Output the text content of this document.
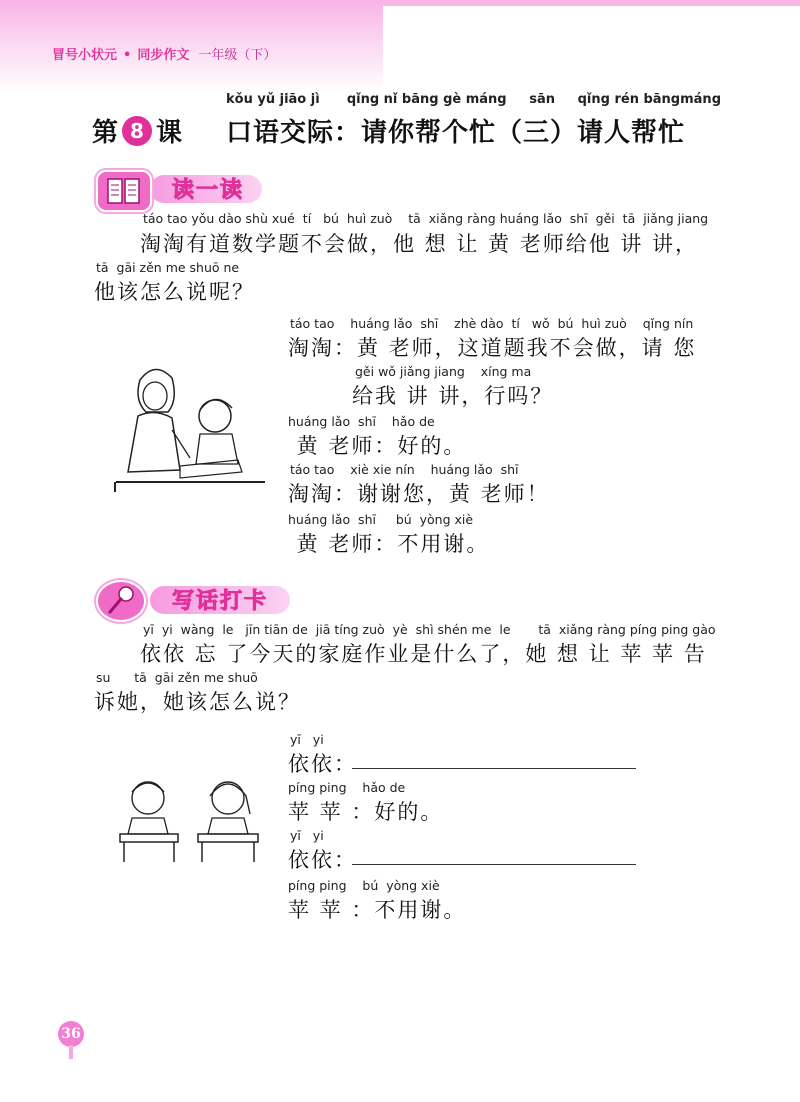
冒号小状元 • 同步作文 一年级（下）
kǒu yǔ jiāo jì      qǐng nǐ bāng gè máng     sān     qǐng rén bāngmáng
第 8 课 口语交际：请你帮个忙（三）请人帮忙
读一读
táo tao yǒu dào shù xué  tí   bú  huì zuò    tā  xiǎng ràng huáng lǎo  shī  gěi  tā  jiǎng jiang
淘淘有道数学题不会做，他 想 让 黄 老师给他 讲 讲，
tā  gāi zěn me shuō ne
他该怎么说呢？
táo tao    huáng lǎo  shī    zhè dào  tí   wǒ  bú  huì zuò    qǐng nín
淘淘：黄 老师，这道题我不会做，请 您
gěi wǒ jiǎng jiang    xíng ma
给我 讲 讲，行吗？
huáng lǎo  shī    hǎo de
黄 老师：好的。
táo tao    xiè xie nín    huáng lǎo  shī
淘淘：谢谢您，黄 老师！
huáng lǎo  shī     bú  yòng xiè
黄 老师：不用谢。
写话打卡
yī  yi  wàng  le   jīn tiān de  jiā tíng zuò  yè  shì shén me  le       tā  xiǎng ràng píng ping gào
依依 忘 了今天的家庭作业是什么了，她 想 让 苹 苹 告
su      tā  gāi zěn me shuō
诉她，她该怎么说？
yī   yi
依依：
píng ping    hǎo de
苹 苹 ：好的。
yī   yi
依依：
píng ping    bú  yòng xiè
苹 苹 ：不用谢。
36
